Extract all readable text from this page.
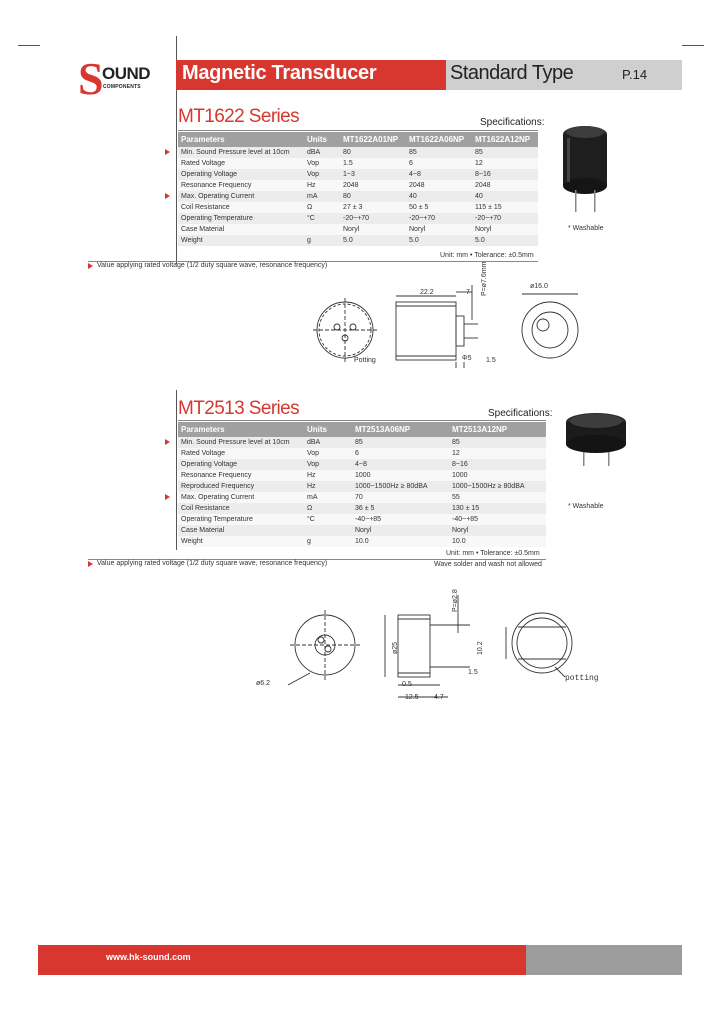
S
OUND
COMPONENTS
Magnetic Transducer	Standard Type	P.14
MT1622 Series	Specifications:
Parameters	Units	MT1622A01NP	MT1622A06NP	MT1622A12NP
Min. Sound Pressure level at 10cm	dBA	80	85	85
Rated Voltage	Vop	1.5	6	12
Operating Voltage	Vop	1~3	4~8	8~16
Resonance Frequency	Hz	2048	2048	2048
Max. Operating Current	mA	80	40	40
Coil Resistance	Ω	27 ± 3	50 ± 5	115 ± 15
Operating Temperature	°C	-20~+70	-20~+70	-20~+70
Case Material		Noryl	Noryl	Noryl
Weight	g	5.0	5.0	5.0
* Washable
Unit: mm • Tolerance: ±0.5mm
Value applying rated voltage (1/2 duty square wave, resonance frequency)
22.2	7 P=ø7.6mm	ø16.0
Φ5 1.5
Potting
MT2513 Series	Specifications:
Parameters	Units	MT2513A06NP	MT2513A12NP
Min. Sound Pressure level at 10cm	dBA	85	85
Rated Voltage	Vop	6	12
Operating Voltage	Vop	4~8	8~16
Resonance Frequency	Hz	1000	1000
Reproduced Frequency	Hz	1000~1500Hz ≥ 80dBA	1000~1500Hz ≥ 80dBA
Max. Operating Current	mA	70	55
Coil Resistance	Ω	36 ± 5	130 ± 15
Operating Temperature	°C	-40~+85	-40~+85
Case Material		Noryl	Noryl
Weight	g	10.0	10.0
* Washable
Unit: mm • Tolerance: ±0.5mm
Value applying rated voltage (1/2 duty square wave, resonance frequency)	Wave solder and wash not allowed
P=ø2.8
ø25	10.2
1.5
0.5
12.5 4.7
ø6.2
potting
www.hk-sound.com
